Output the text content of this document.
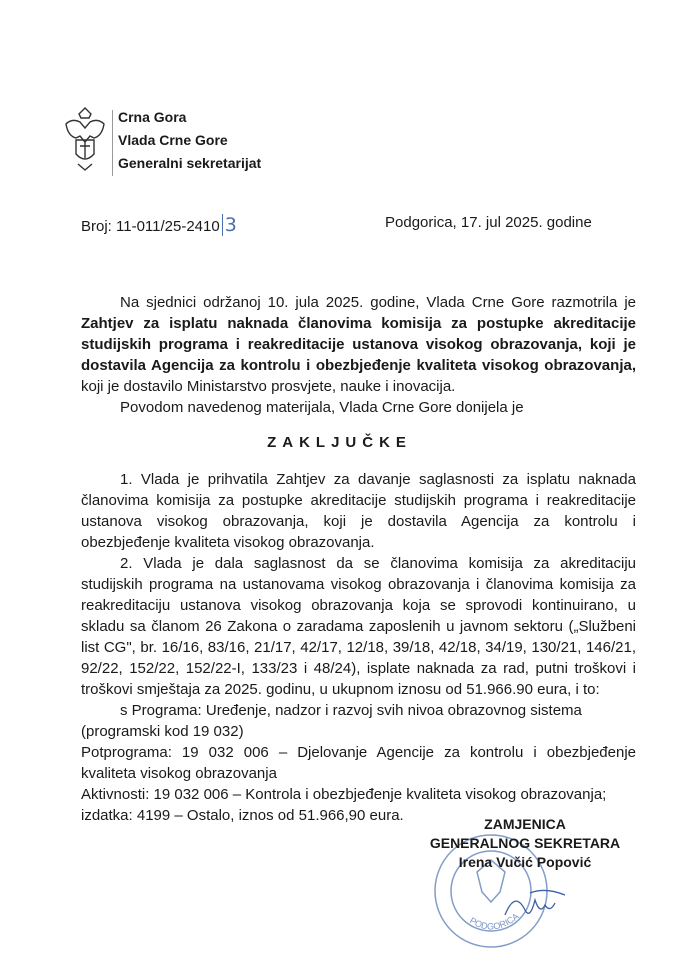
Crna Gora
Vlada Crne Gore
Generalni sekretarijat
Broj: 11-011/25-2410 3	Podgorica, 17. jul 2025. godine
Na sjednici održanoj 10. jula 2025. godine, Vlada Crne Gore razmotrila je
Zahtjev za isplatu naknada članovima komisija za postupke akreditacije
studijskih programa i reakreditacije ustanova visokog obrazovanja, koji je
dostavila Agencija za kontrolu i obezbjeđenje kvaliteta visokog obrazovanja,
koji je dostavilo Ministarstvo prosvjete, nauke i inovacija.
Povodom navedenog materijala, Vlada Crne Gore donijela je
ZAKLJUČKE
1. Vlada je prihvatila Zahtjev za davanje saglasnosti za isplatu naknada
članovima komisija za postupke akreditacije studijskih programa i reakreditacije
ustanova visokog obrazovanja, koji je dostavila Agencija za kontrolu i
obezbjeđenje kvaliteta visokog obrazovanja.
2. Vlada je dala saglasnost da se članovima komisija za akreditaciju
studijskih programa na ustanovama visokog obrazovanja i članovima komisija za
reakreditaciju ustanova visokog obrazovanja koja se sprovodi kontinuirano, u
skladu sa članom 26 Zakona o zaradama zaposlenih u javnom sektoru („Službeni
list CG", br. 16/16, 83/16, 21/17, 42/17, 12/18, 39/18, 42/18, 34/19, 130/21, 146/21,
92/22, 152/22, 152/22-I, 133/23 i 48/24), isplate naknada za rad, putni troškovi i
troškovi smještaja za 2025. godinu, u ukupnom iznosu od 51.966.90 eura, i to:
s Programa: Uređenje, nadzor i razvoj svih nivoa obrazovnog sistema
(programski kod 19 032)
Potprograma: 19 032 006 – Djelovanje Agencije za kontrolu i obezbjeđenje
kvaliteta visokog obrazovanja
Aktivnosti: 19 032 006 – Kontrola i obezbjeđenje kvaliteta visokog obrazovanja;
izdatka: 4199 – Ostalo, iznos od 51.966,90 eura.
PODGORICA
ZAMJENICA
GENERALNOG SEKRETARA
Irena Vučić Popović
